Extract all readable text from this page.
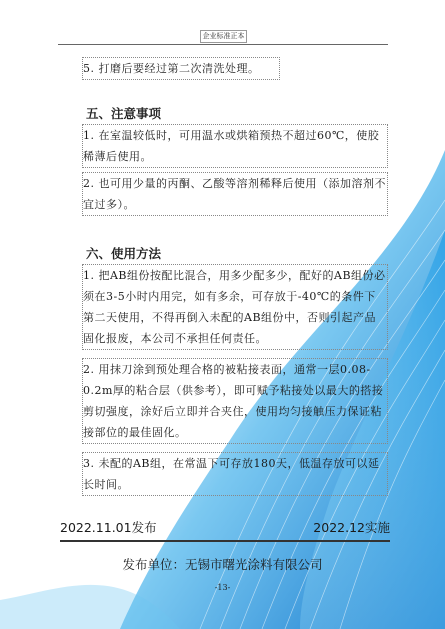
企业标准正本
5. 打磨后要经过第二次清洗处理。
五、注意事项
1. 在室温较低时，可用温水或烘箱预热不超过60℃，使胶稀薄后使用。
2. 也可用少量的丙酮、乙酸等溶剂稀释后使用（添加溶剂不宜过多）。
六、使用方法
1. 把AB组份按配比混合，用多少配多少，配好的AB组份必须在3-5小时内用完，如有多余，可存放于-40℃的条件下第二天使用，不得再倒入未配的AB组份中，否则引起产品固化报废，本公司不承担任何责任。
2. 用抹刀涂到预处理合格的被粘接表面，通常一层0.08-0.2m厚的粘合层（供参考），即可赋予粘接处以最大的搭接剪切强度，涂好后立即并合夹住，使用均匀接触压力保证粘接部位的最佳固化。
3. 未配的AB组，在常温下可存放180天，低温存放可以延长时间。
2022.11.01发布	2022.12实施
发布单位：无锡市曙光涂料有限公司
-13-
